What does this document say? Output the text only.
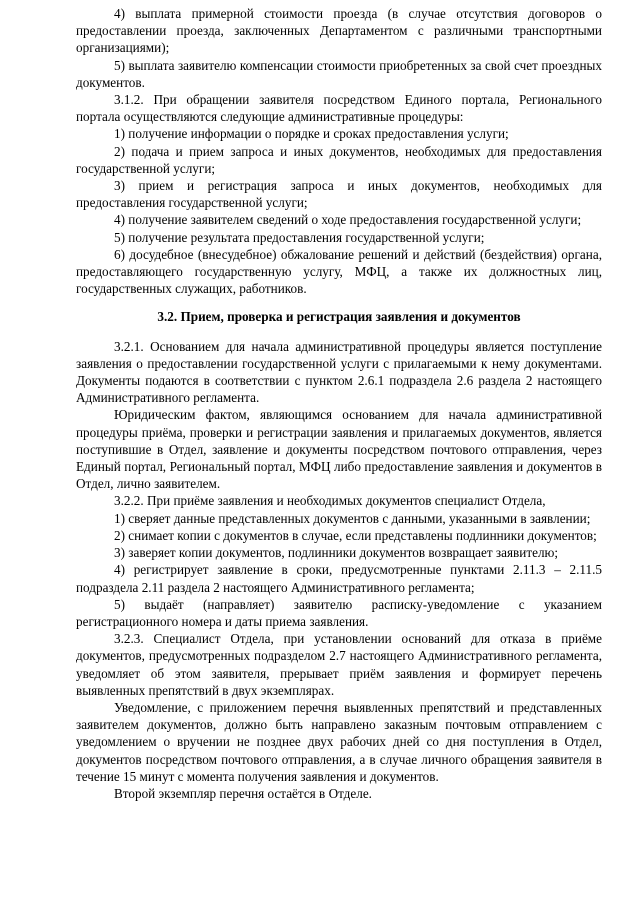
4) выплата примерной стоимости проезда (в случае отсутствия договоров о предоставлении проезда, заключенных Департаментом с различными транспортными организациями);

5) выплата заявителю компенсации стоимости приобретенных за свой счет проездных документов.

3.1.2. При обращении заявителя посредством Единого портала, Регионального портала осуществляются следующие административные процедуры:

1) получение информации о порядке и сроках предоставления услуги;

2) подача и прием запроса и иных документов, необходимых для предоставления государственной услуги;

3) прием и регистрация запроса и иных документов, необходимых для предоставления государственной услуги;

4) получение заявителем сведений о ходе предоставления государственной услуги;

5) получение результата предоставления государственной услуги;

6) досудебное (внесудебное) обжалование решений и действий (бездействия) органа, предоставляющего государственную услугу, МФЦ, а также их должностных лиц, государственных служащих, работников.

3.2. Прием, проверка и регистрация заявления и документов

3.2.1. Основанием для начала административной процедуры является поступление заявления о предоставлении государственной услуги с прилагаемыми к нему документами. Документы подаются в соответствии с пунктом 2.6.1 подраздела 2.6 раздела 2 настоящего Административного регламента.

Юридическим фактом, являющимся основанием для начала административной процедуры приёма, проверки и регистрации заявления и прилагаемых документов, является поступившие в Отдел, заявление и документы посредством почтового отправления, через Единый портал, Региональный портал, МФЦ либо предоставление заявления и документов в Отдел, лично заявителем.

3.2.2. При приёме заявления и необходимых документов специалист Отдела,

1) сверяет данные представленных документов с данными, указанными в заявлении;

2) снимает копии с документов в случае, если представлены подлинники документов;

3) заверяет копии документов, подлинники документов возвращает заявителю;

4) регистрирует заявление в сроки, предусмотренные пунктами 2.11.3 – 2.11.5 подраздела 2.11 раздела 2 настоящего Административного регламента;

5) выдаёт (направляет) заявителю расписку-уведомление с указанием регистрационного номера и даты приема заявления.

3.2.3. Специалист Отдела, при установлении оснований для отказа в приёме документов, предусмотренных подразделом 2.7 настоящего Административного регламента, уведомляет об этом заявителя, прерывает приём заявления и формирует перечень выявленных препятствий в двух экземплярах.

Уведомление, с приложением перечня выявленных препятствий и представленных заявителем документов, должно быть направлено заказным почтовым отправлением с уведомлением о вручении не позднее двух рабочих дней со дня поступления в Отдел, документов посредством почтового отправления, а в случае личного обращения заявителя в течение 15 минут с момента получения заявления и документов.

Второй экземпляр перечня остаётся в Отделе.
